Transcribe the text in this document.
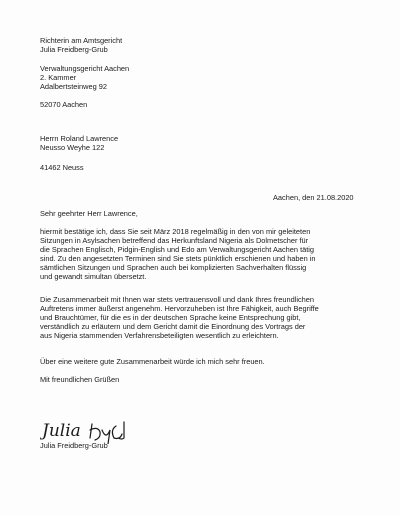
Richterin am Amtsgericht
Julia Freidberg-Grub
Verwaltungsgericht Aachen
2. Kammer
Adalbertsteinweg 92
52070 Aachen
Herrn Roland Lawrence
Neusso Weyhe 122
41462 Neuss
Aachen, den 21.08.2020
Sehr geehrter Herr Lawrence,
hiermit bestätige ich, dass Sie seit März 2018 regelmäßig in den von mir geleiteten
Sitzungen in Asylsachen betreffend das Herkunftsland Nigeria als Dolmetscher für
die Sprachen Englisch, Pidgin-English und Edo am Verwaltungsgericht Aachen tätig
sind. Zu den angesetzten Terminen sind Sie stets pünktlich erschienen und haben in
sämtlichen Sitzungen und Sprachen auch bei komplizierten Sachverhalten flüssig
und gewandt simultan übersetzt.
Die Zusammenarbeit mit Ihnen war stets vertrauensvoll und dank Ihres freundlichen
Auftretens immer äußerst angenehm. Hervorzuheben ist Ihre Fähigkeit, auch Begriffe
und Brauchtümer, für die es in der deutschen Sprache keine Entsprechung gibt,
verständlich zu erläutern und dem Gericht damit die Einordnung des Vortrags der
aus Nigeria stammenden Verfahrensbeteiligten wesentlich zu erleichtern.
Über eine weitere gute Zusammenarbeit würde ich mich sehr freuen.
Mit freundlichen Grüßen
Julia
Julia Freidberg-Grub
